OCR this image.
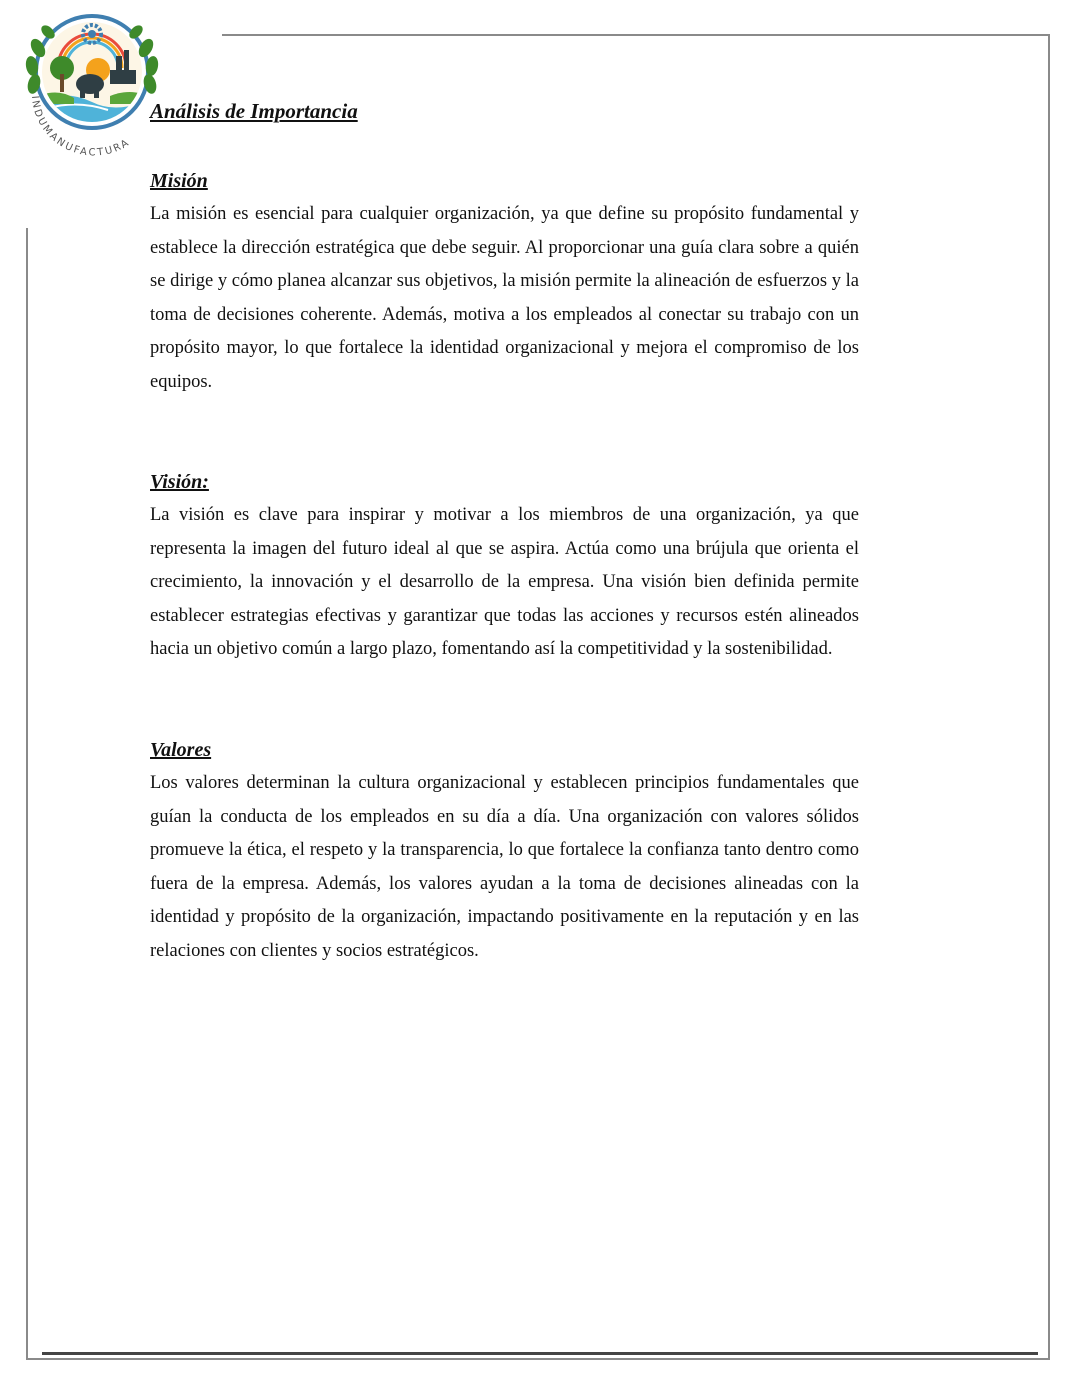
INDUMANUFACTURA
Análisis de Importancia
Misión

La misión es esencial para cualquier organización, ya que define su propósito fundamental y establece la dirección estratégica que debe seguir. Al proporcionar una guía clara sobre a quién se dirige y cómo planea alcanzar sus objetivos, la misión permite la alineación de esfuerzos y la toma de decisiones coherente. Además, motiva a los empleados al conectar su trabajo con un propósito mayor, lo que fortalece la identidad organizacional y mejora el compromiso de los equipos.

Visión:

La visión es clave para inspirar y motivar a los miembros de una organización, ya que representa la imagen del futuro ideal al que se aspira. Actúa como una brújula que orienta el crecimiento, la innovación y el desarrollo de la empresa. Una visión bien definida permite establecer estrategias efectivas y garantizar que todas las acciones y recursos estén alineados hacia un objetivo común a largo plazo, fomentando así la competitividad y la sostenibilidad.

Valores

Los valores determinan la cultura organizacional y establecen principios fundamentales que guían la conducta de los empleados en su día a día. Una organización con valores sólidos promueve la ética, el respeto y la transparencia, lo que fortalece la confianza tanto dentro como fuera de la empresa. Además, los valores ayudan a la toma de decisiones alineadas con la identidad y propósito de la organización, impactando positivamente en la reputación y en las relaciones con clientes y socios estratégicos.
